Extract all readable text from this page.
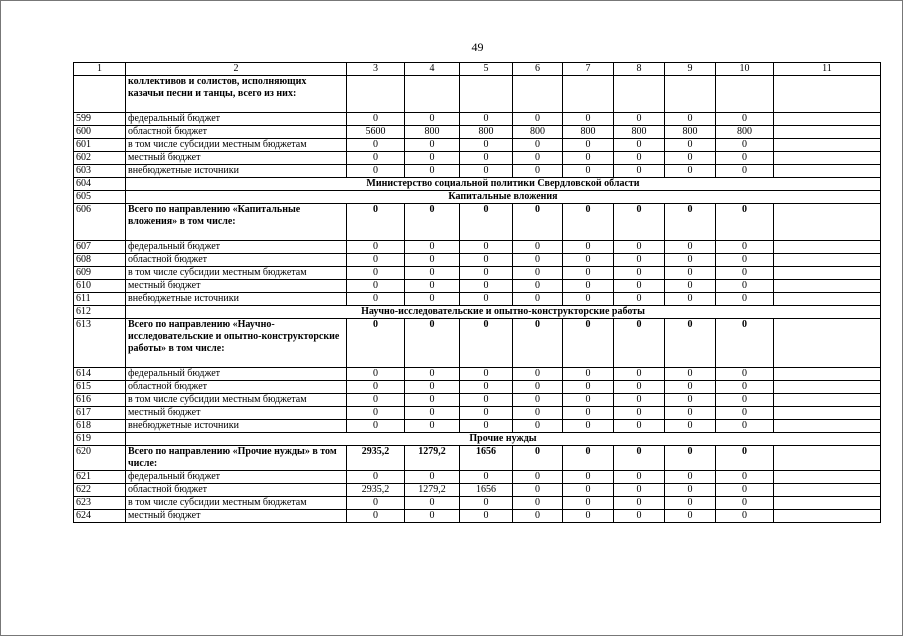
49
1	2	3	4	5	6	7	8	9	10	11
	коллективов и солистов, исполняющих казачьи песни и танцы, всего из них:									
599	федеральный бюджет	0	0	0	0	0	0	0	0	
600	областной бюджет	5600	800	800	800	800	800	800	800	
601	в том числе субсидии местным бюджетам	0	0	0	0	0	0	0	0	
602	местный бюджет	0	0	0	0	0	0	0	0	
603	внебюджетные источники	0	0	0	0	0	0	0	0	
604	Министерство социальной политики Свердловской области									
605	Капитальные вложения									
606	Всего по направлению «Капитальные вложения» в том числе:	0	0	0	0	0	0	0	0	
607	федеральный бюджет	0	0	0	0	0	0	0	0	
608	областной бюджет	0	0	0	0	0	0	0	0	
609	в том числе субсидии местным бюджетам	0	0	0	0	0	0	0	0	
610	местный бюджет	0	0	0	0	0	0	0	0	
611	внебюджетные источники	0	0	0	0	0	0	0	0	
612	Научно-исследовательские и опытно-конструкторские работы									
613	Всего по направлению «Научно-исследовательские и опытно-конструкторские работы» в том числе:	0	0	0	0	0	0	0	0	
614	федеральный бюджет	0	0	0	0	0	0	0	0	
615	областной бюджет	0	0	0	0	0	0	0	0	
616	в том числе субсидии местным бюджетам	0	0	0	0	0	0	0	0	
617	местный бюджет	0	0	0	0	0	0	0	0	
618	внебюджетные источники	0	0	0	0	0	0	0	0	
619	Прочие нужды									
620	Всего по направлению «Прочие нужды» в том числе:	2935,2	1279,2	1656	0	0	0	0	0	
621	федеральный бюджет	0	0	0	0	0	0	0	0	
622	областной бюджет	2935,2	1279,2	1656	0	0	0	0	0	
623	в том числе субсидии местным бюджетам	0	0	0	0	0	0	0	0	
624	местный бюджет	0	0	0	0	0	0	0	0	
